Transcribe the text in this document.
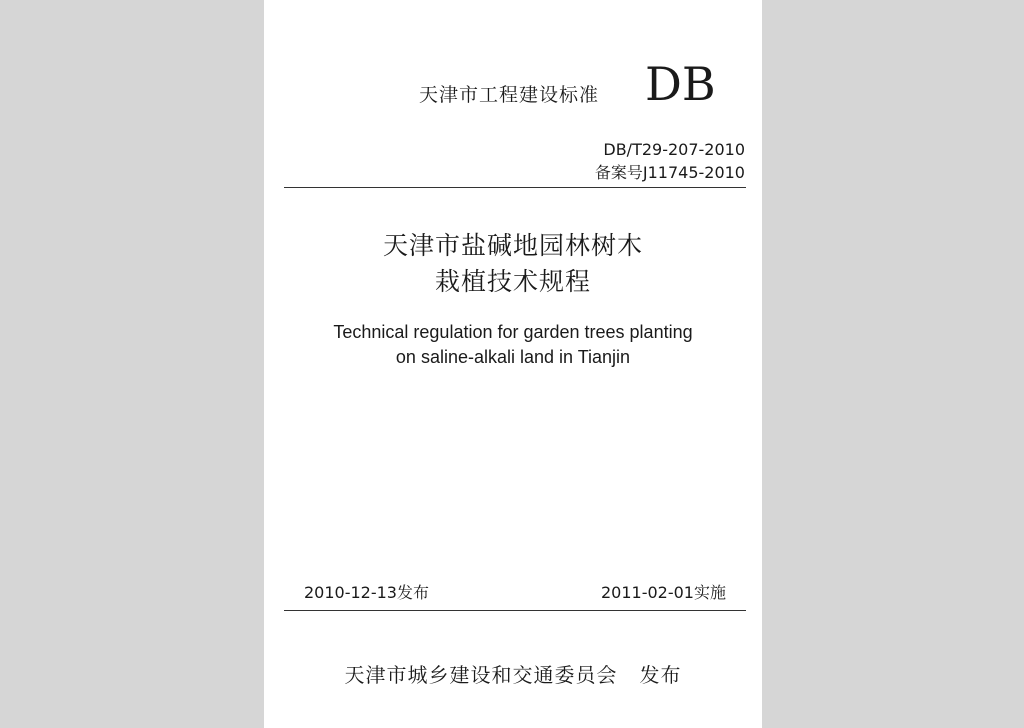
天津市工程建设标准 DB
DB/T29-207-2010
备案号J11745-2010
天津市盐碱地园林树木
栽植技术规程
Technical regulation for garden trees planting
on saline-alkali land in Tianjin
2010-12-13发布	2011-02-01实施
天津市城乡建设和交通委员会 发布
